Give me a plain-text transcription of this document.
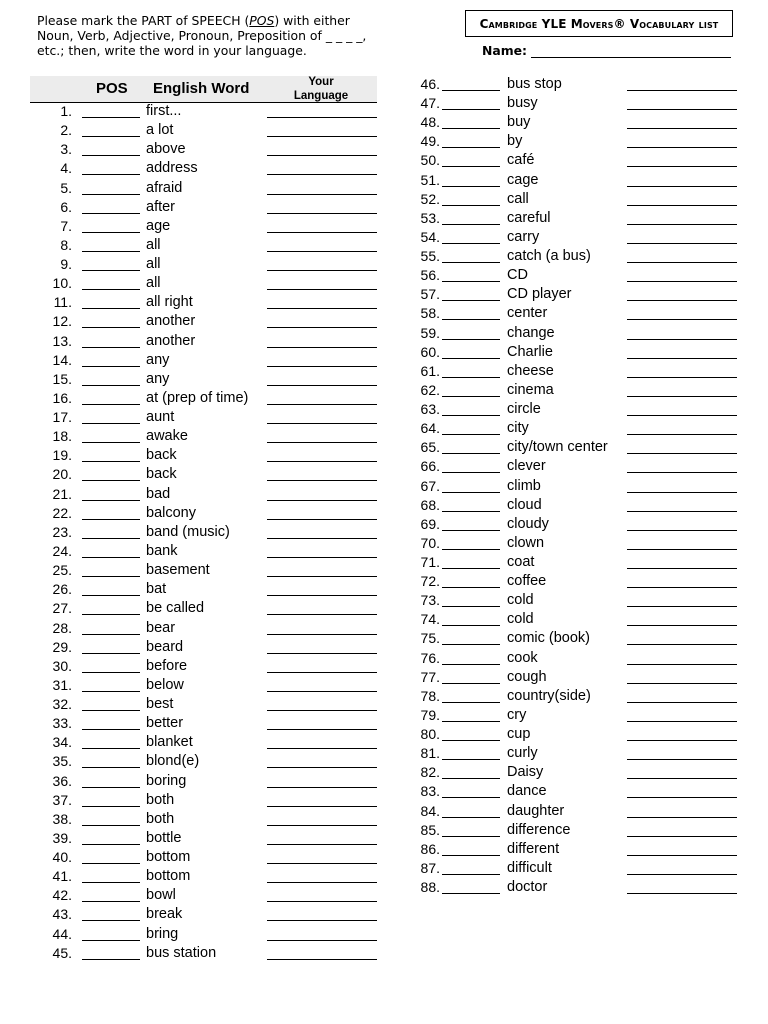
Please mark the PART of SPEECH (POS) with either
Noun, Verb, Adjective, Pronoun, Preposition of _ _ _ _,
etc.; then, write the word in your language.
Cambridge YLE Movers® Vocabulary list
Name:
POS English Word	Your
Language
1.	first...
2.	a lot
3.	above
4.	address
5.	afraid
6.	after
7.	age
8.	all
9.	all
10.	all
11.	all right
12.	another
13.	another
14.	any
15.	any
16.	at (prep of time)
17.	aunt
18.	awake
19.	back
20.	back
21.	bad
22.	balcony
23.	band (music)
24.	bank
25.	basement
26.	bat
27.	be called
28.	bear
29.	beard
30.	before
31.	below
32.	best
33.	better
34.	blanket
35.	blond(e)
36.	boring
37.	both
38.	both
39.	bottle
40.	bottom
41.	bottom
42.	bowl
43.	break
44.	bring
45.	bus station
46.	bus stop
47.	busy
48.	buy
49.	by
50.	café
51.	cage
52.	call
53.	careful
54.	carry
55.	catch (a bus)
56.	CD
57.	CD player
58.	center
59.	change
60.	Charlie
61.	cheese
62.	cinema
63.	circle
64.	city
65.	city/town center
66.	clever
67.	climb
68.	cloud
69.	cloudy
70.	clown
71.	coat
72.	coffee
73.	cold
74.	cold
75.	comic (book)
76.	cook
77.	cough
78.	country(side)
79.	cry
80.	cup
81.	curly
82.	Daisy
83.	dance
84.	daughter
85.	difference
86.	different
87.	difficult
88.	doctor
